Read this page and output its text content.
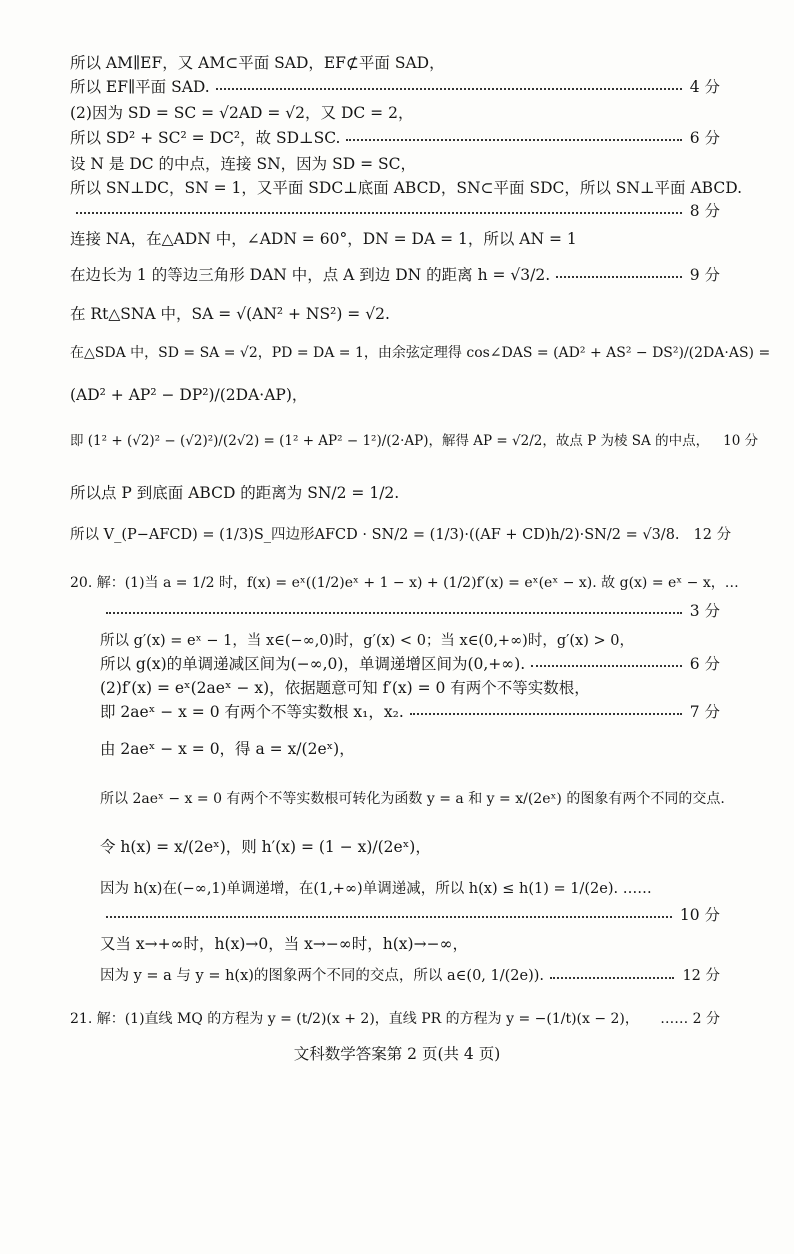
所以 AM∥EF，又 AM⊂平面 SAD，EF⊄平面 SAD，
所以 EF∥平面 SAD.	4 分
(2)因为 SD = SC = √2AD = √2，又 DC = 2，
所以 SD² + SC² = DC²，故 SD⊥SC.	6 分
设 N 是 DC 的中点，连接 SN，因为 SD = SC，
所以 SN⊥DC，SN = 1，又平面 SDC⊥底面 ABCD，SN⊂平面 SDC，所以 SN⊥平面 ABCD.
8 分
连接 NA，在△ADN 中，∠ADN = 60°，DN = DA = 1，所以 AN = 1
在边长为 1 的等边三角形 DAN 中，点 A 到边 DN 的距离 h = √3/2.	9 分
在 Rt△SNA 中，SA = √(AN² + NS²) = √2.
在△SDA 中，SD = SA = √2，PD = DA = 1，由余弦定理得 cos∠DAS = (AD² + AS² − DS²)/(2DA·AS) =
(AD² + AP² − DP²)/(2DA·AP)，
即 (1² + (√2)² − (√2)²)/(2√2) = (1² + AP² − 1²)/(2·AP)，解得 AP = √2/2，故点 P 为棱 SA 的中点， 10 分
所以点 P 到底面 ABCD 的距离为 SN/2 = 1/2.
所以 V_(P−AFCD) = (1/3)S_四边形AFCD · SN/2 = (1/3)·((AF + CD)h/2)·SN/2 = √3/8. 12 分
20. 解：(1)当 a = 1/2 时，f(x) = eˣ((1/2)eˣ + 1 − x) + (1/2)f′(x) = eˣ(eˣ − x). 故 g(x) = eˣ − x，…
3 分
所以 g′(x) = eˣ − 1，当 x∈(−∞,0)时，g′(x) < 0；当 x∈(0,+∞)时，g′(x) > 0，
所以 g(x)的单调递减区间为(−∞,0)，单调递增区间为(0,+∞).	6 分
(2)f′(x) = eˣ(2aeˣ − x)，依据题意可知 f′(x) = 0 有两个不等实数根，
即 2aeˣ − x = 0 有两个不等实数根 x₁，x₂.	7 分
由 2aeˣ − x = 0，得 a = x/(2eˣ)，
所以 2aeˣ − x = 0 有两个不等实数根可转化为函数 y = a 和 y = x/(2eˣ) 的图象有两个不同的交点.
令 h(x) = x/(2eˣ)，则 h′(x) = (1 − x)/(2eˣ)，
因为 h(x)在(−∞,1)单调递增，在(1,+∞)单调递减，所以 h(x) ≤ h(1) = 1/(2e). ……
10 分
又当 x→+∞时，h(x)→0，当 x→−∞时，h(x)→−∞，
因为 y = a 与 y = h(x)的图象两个不同的交点，所以 a∈(0, 1/(2e)).	12 分
21. 解：(1)直线 MQ 的方程为 y = (t/2)(x + 2)，直线 PR 的方程为 y = −(1/t)(x − 2)， …… 2 分
文科数学答案第 2 页(共 4 页)
